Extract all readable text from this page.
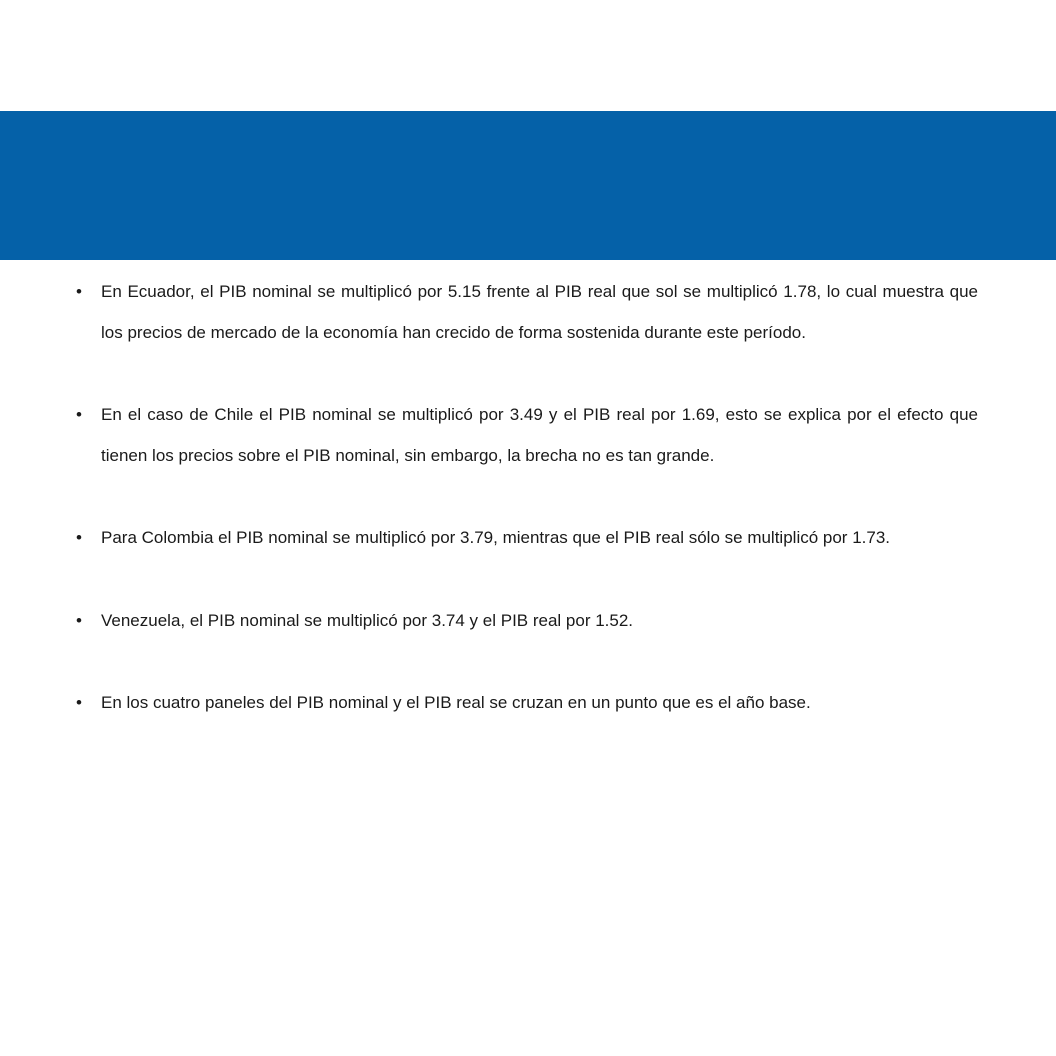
• En Ecuador, el PIB nominal se multiplicó por 5.15 frente al PIB real que sol se multiplicó 1.78, lo cual muestra que los precios de mercado de la economía han crecido de forma sostenida durante este período.
• En el caso de Chile el PIB nominal se multiplicó por 3.49 y el PIB real por 1.69, esto se explica por el efecto que tienen los precios sobre el PIB nominal, sin embargo, la brecha no es tan grande.
• Para Colombia el PIB nominal se multiplicó por 3.79, mientras que el PIB real sólo se multiplicó por 1.73.
• Venezuela, el PIB nominal se multiplicó por 3.74 y el PIB real por 1.52.
• En los cuatro paneles del PIB nominal y el PIB real se cruzan en un punto que es el año base.
